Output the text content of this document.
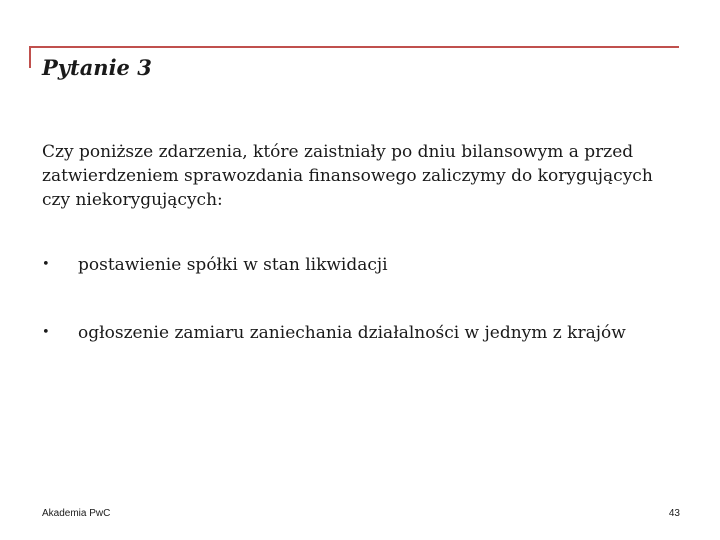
Pytanie 3

Czy poniższe zdarzenia, które zaistniały po dniu bilansowym a przed zatwierdzeniem sprawozdania finansowego zaliczymy do korygujących czy niekorygujących:

•	postawienie spółki w stan likwidacji
•	ogłoszenie zamiaru zaniechania działalności w jednym z krajów
Akademia PwC	43
